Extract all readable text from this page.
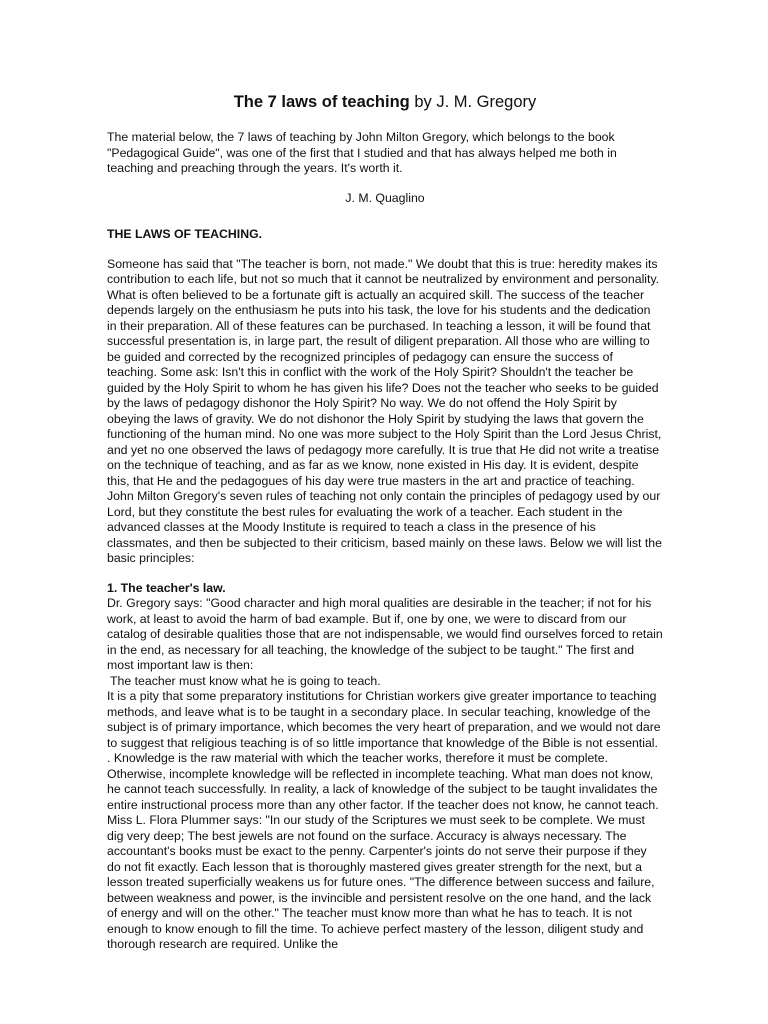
The 7 laws of teaching by J. M. Gregory

The material below, the 7 laws of teaching by John Milton Gregory, which belongs to the book "Pedagogical Guide", was one of the first that I studied and that has always helped me both in teaching and preaching through the years. It's worth it.

J. M. Quaglino

THE LAWS OF TEACHING.

Someone has said that "The teacher is born, not made." We doubt that this is true: heredity makes its contribution to each life, but not so much that it cannot be neutralized by environment and personality. What is often believed to be a fortunate gift is actually an acquired skill. The success of the teacher depends largely on the enthusiasm he puts into his task, the love for his students and the dedication in their preparation. All of these features can be purchased. In teaching a lesson, it will be found that successful presentation is, in large part, the result of diligent preparation. All those who are willing to be guided and corrected by the recognized principles of pedagogy can ensure the success of teaching. Some ask: Isn't this in conflict with the work of the Holy Spirit? Shouldn't the teacher be guided by the Holy Spirit to whom he has given his life? Does not the teacher who seeks to be guided by the laws of pedagogy dishonor the Holy Spirit? No way. We do not offend the Holy Spirit by obeying the laws of gravity. We do not dishonor the Holy Spirit by studying the laws that govern the functioning of the human mind. No one was more subject to the Holy Spirit than the Lord Jesus Christ, and yet no one observed the laws of pedagogy more carefully. It is true that He did not write a treatise on the technique of teaching, and as far as we know, none existed in His day. It is evident, despite this, that He and the pedagogues of his day were true masters in the art and practice of teaching. John Milton Gregory's seven rules of teaching not only contain the principles of pedagogy used by our Lord, but they constitute the best rules for evaluating the work of a teacher. Each student in the advanced classes at the Moody Institute is required to teach a class in the presence of his classmates, and then be subjected to their criticism, based mainly on these laws. Below we will list the basic principles:

1. The teacher's law.

Dr. Gregory says: "Good character and high moral qualities are desirable in the teacher; if not for his work, at least to avoid the harm of bad example. But if, one by one, we were to discard from our catalog of desirable qualities those that are not indispensable, we would find ourselves forced to retain in the end, as necessary for all teaching, the knowledge of the subject to be taught." The first and most important law is then:

The teacher must know what he is going to teach.

It is a pity that some preparatory institutions for Christian workers give greater importance to teaching methods, and leave what is to be taught in a secondary place. In secular teaching, knowledge of the subject is of primary importance, which becomes the very heart of preparation, and we would not dare to suggest that religious teaching is of so little importance that knowledge of the Bible is not essential. . Knowledge is the raw material with which the teacher works, therefore it must be complete. Otherwise, incomplete knowledge will be reflected in incomplete teaching. What man does not know, he cannot teach successfully. In reality, a lack of knowledge of the subject to be taught invalidates the entire instructional process more than any other factor. If the teacher does not know, he cannot teach. Miss L. Flora Plummer says: "In our study of the Scriptures we must seek to be complete. We must dig very deep; The best jewels are not found on the surface. Accuracy is always necessary. The accountant's books must be exact to the penny. Carpenter's joints do not serve their purpose if they do not fit exactly. Each lesson that is thoroughly mastered gives greater strength for the next, but a lesson treated superficially weakens us for future ones. "The difference between success and failure, between weakness and power, is the invincible and persistent resolve on the one hand, and the lack of energy and will on the other." The teacher must know more than what he has to teach. It is not enough to know enough to fill the time. To achieve perfect mastery of the lesson, diligent study and thorough research are required. Unlike the
